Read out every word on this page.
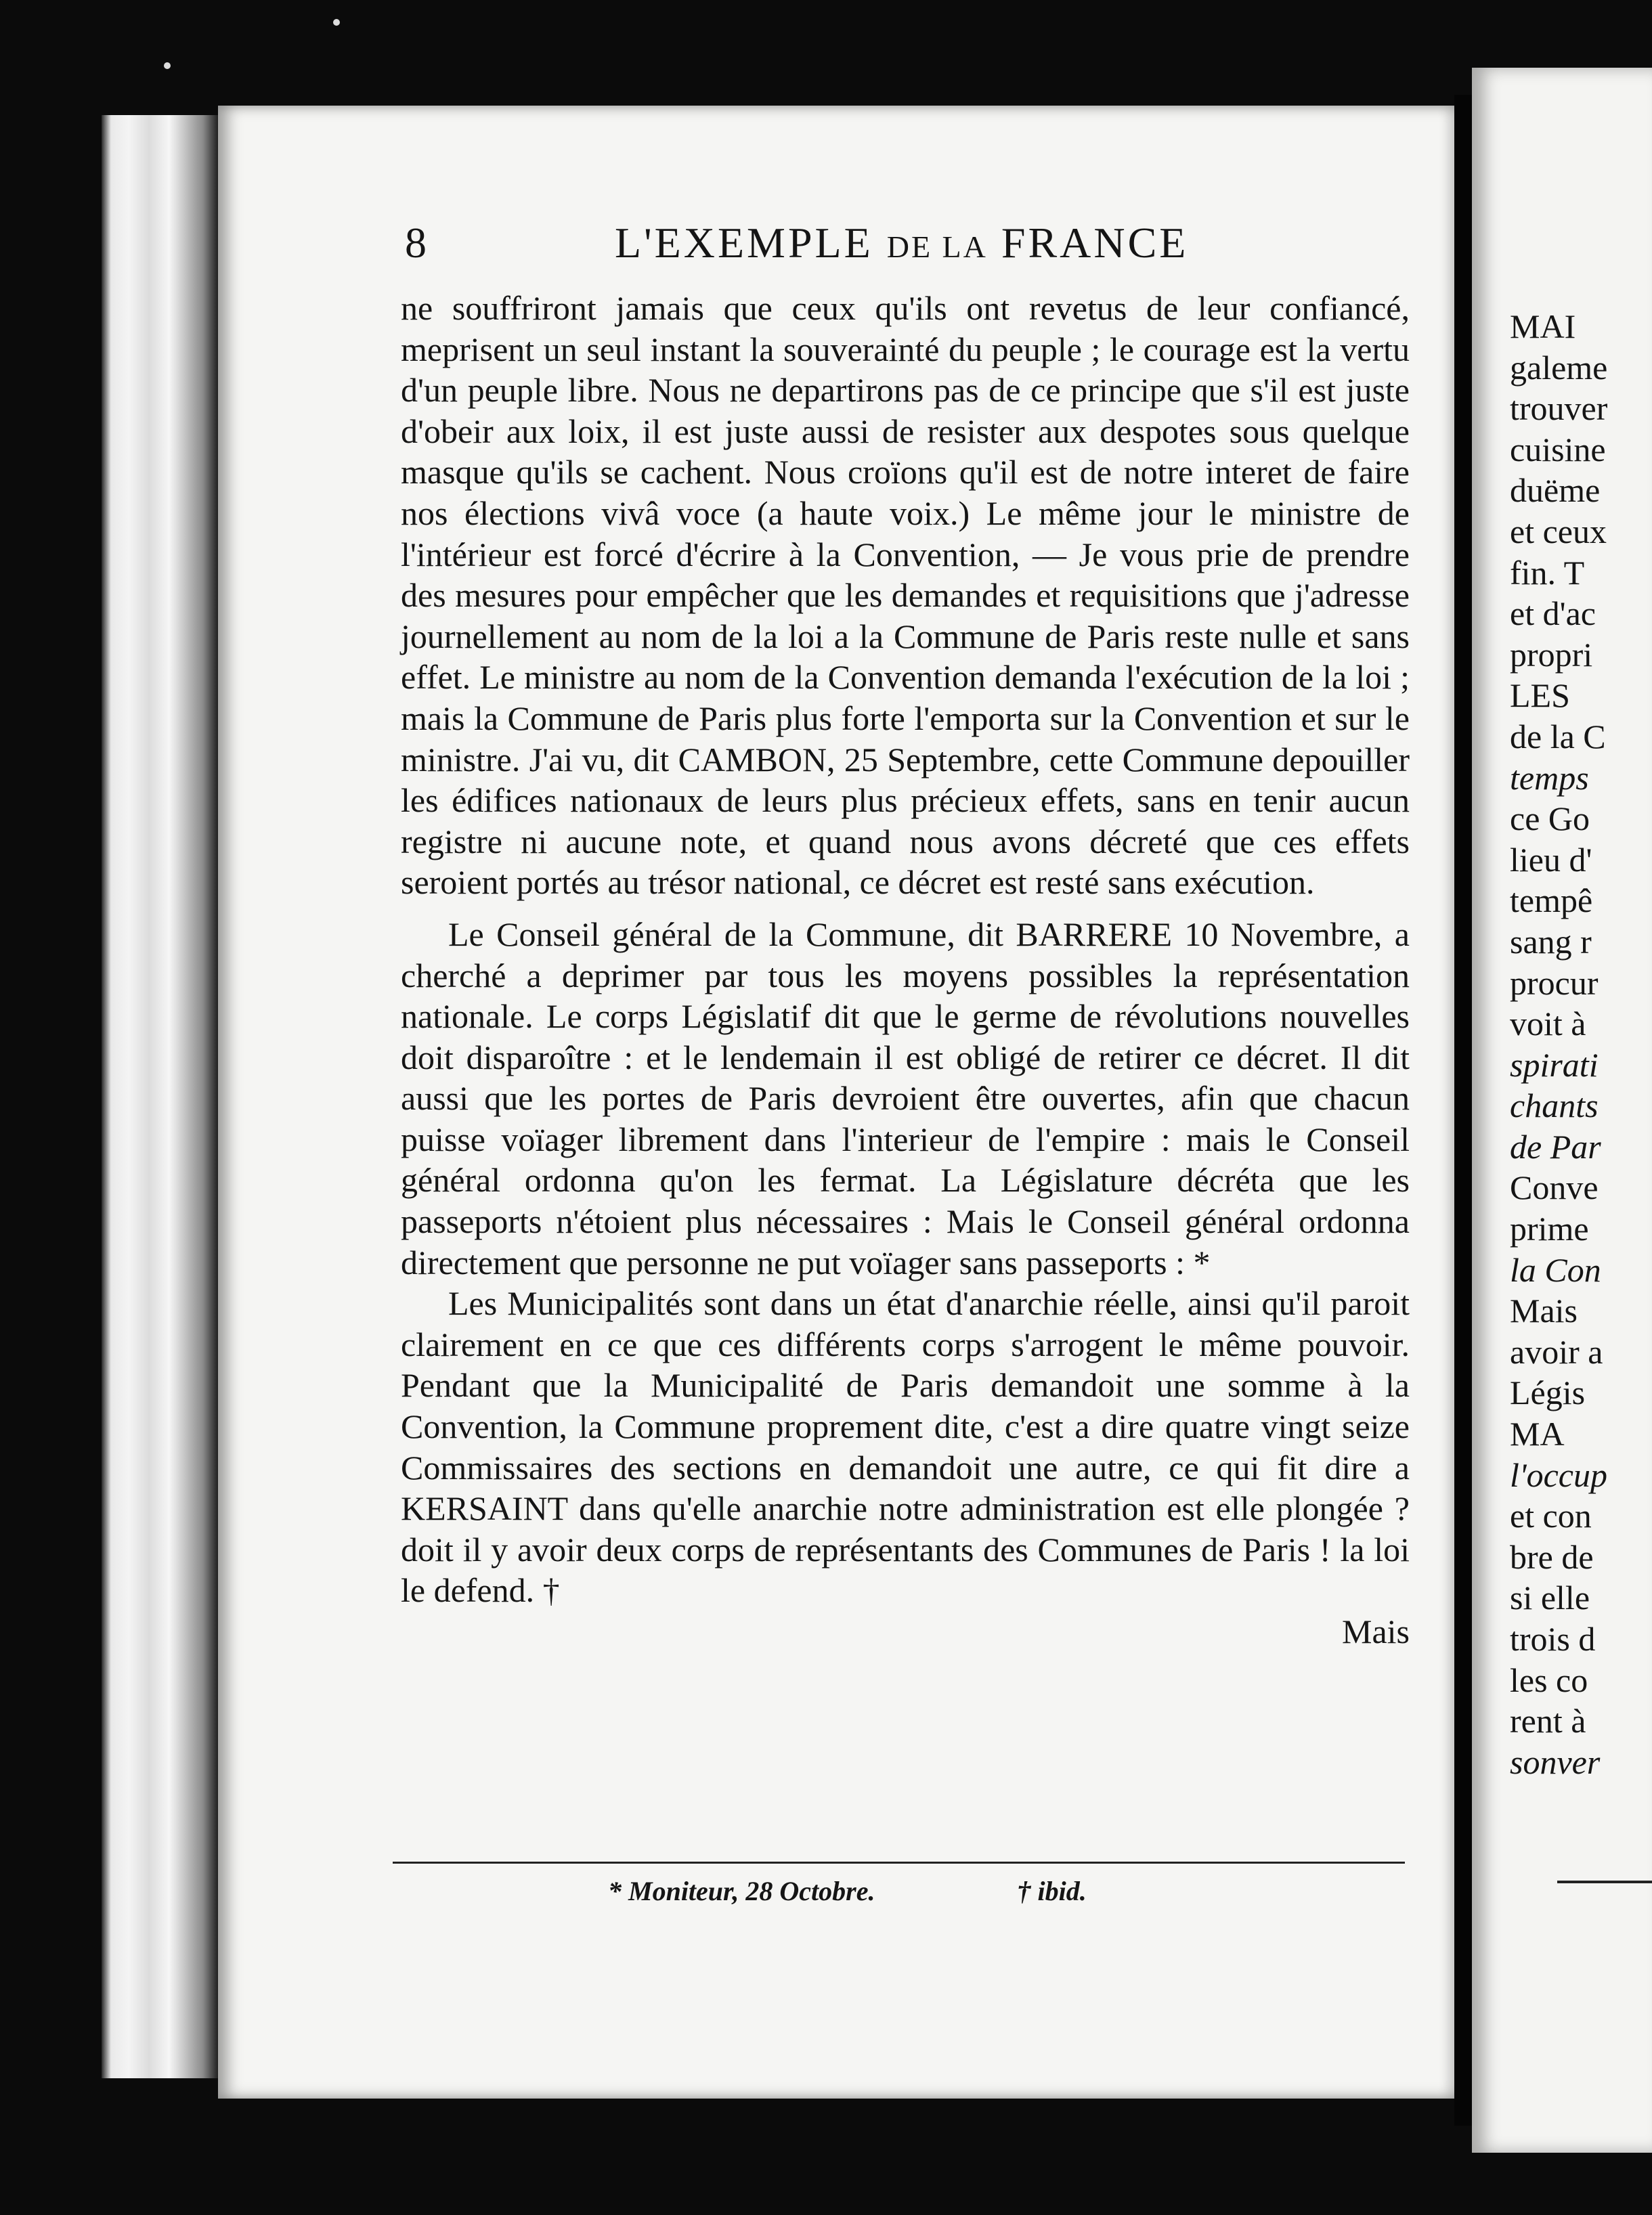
8	L'EXEMPLE DE LA FRANCE

ne souffriront jamais que ceux qu'ils ont revetus de leur confiancé, meprisent un seul instant la souverainté du peuple ; le courage est la vertu d'un peuple libre. Nous ne departirons pas de ce principe que s'il est juste d'obeir aux loix, il est juste aussi de resister aux despotes sous quelque masque qu'ils se cachent. Nous croïons qu'il est de notre interet de faire nos élections vivâ voce (a haute voix.) Le même jour le ministre de l'intérieur est forcé d'écrire à la Convention, — Je vous prie de prendre des mesures pour empêcher que les demandes et requisitions que j'adresse journellement au nom de la loi a la Commune de Paris reste nulle et sans effet. Le ministre au nom de la Convention demanda l'exécution de la loi ; mais la Commune de Paris plus forte l'emporta sur la Convention et sur le ministre. J'ai vu, dit CAMBON, 25 Septembre, cette Commune depouiller les édifices nationaux de leurs plus précieux effets, sans en tenir aucun registre ni aucune note, et quand nous avons décreté que ces effets seroient portés au trésor national, ce décret est resté sans exécution.

Le Conseil général de la Commune, dit BARRERE 10 Novembre, a cherché a deprimer par tous les moyens possibles la représentation nationale. Le corps Législatif dit que le germe de révolutions nouvelles doit disparoître : et le lendemain il est obligé de retirer ce décret. Il dit aussi que les portes de Paris devroient être ouvertes, afin que chacun puisse voïager librement dans l'interieur de l'empire : mais le Conseil général ordonna qu'on les fermat. La Législature décréta que les passeports n'étoient plus nécessaires : Mais le Conseil général ordonna directement que personne ne put voïager sans passeports : *

Les Municipalités sont dans un état d'anarchie réelle, ainsi qu'il paroit clairement en ce que ces différents corps s'arrogent le même pouvoir. Pendant que la Municipalité de Paris demandoit une somme à la Convention, la Commune proprement dite, c'est a dire quatre vingt seize Commissaires des sections en demandoit une autre, ce qui fit dire a KERSAINT dans qu'elle anarchie notre administration est elle plongée ? doit il y avoir deux corps de représentants des Communes de Paris ! la loi le defend. †

Mais

* Moniteur, 28 Octobre.	† ibid.
MAI
galeme
trouver
cuisine
duëme
et ceux
fin. T
et d'ac
propri
LES
de la C
temps
ce Go
lieu d'
tempê
sang r
procur
voit à
spirati
chants
de Par
Conve
prime
la Con
Mais
avoir a
Légis
MA
l'occup
et con
bre de
si elle
trois d
les co
rent à
sonver
